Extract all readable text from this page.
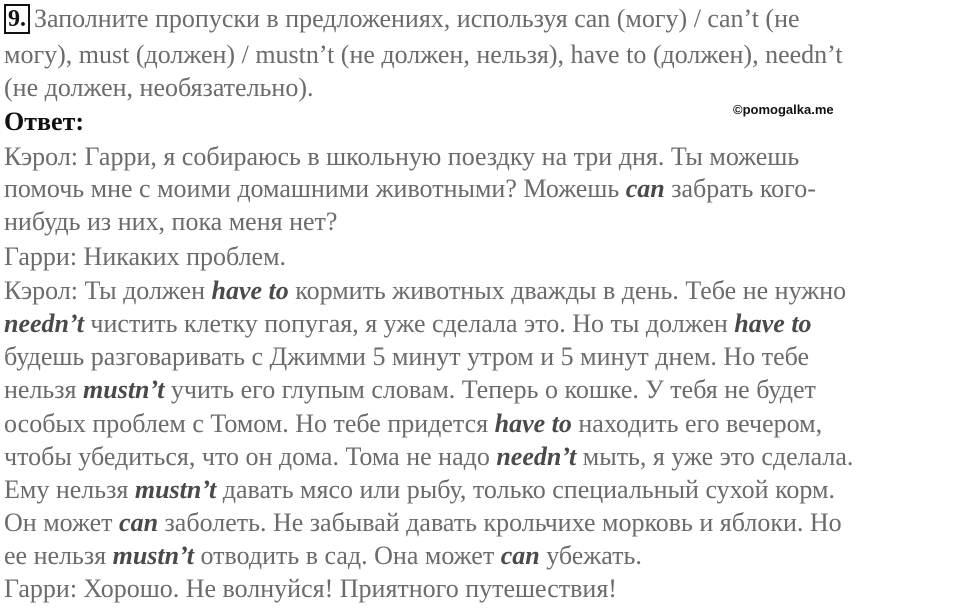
9. Заполните пропуски в предложениях, используя can (могу) / can’t (не
могу), must (должен) / mustn’t (не должен, нельзя), have to (должен), needn’t
(не должен, необязательно).
Ответ:	©pomogalka.me
Кэрол: Гарри, я собираюсь в школьную поездку на три дня. Ты можешь
помочь мне с моими домашними животными? Можешь can забрать кого-
нибудь из них, пока меня нет?
Гарри: Никаких проблем.
Кэрол: Ты должен have to кормить животных дважды в день. Тебе не нужно
needn’t чистить клетку попугая, я уже сделала это. Но ты должен have to
будешь разговаривать с Джимми 5 минут утром и 5 минут днем. Но тебе
нельзя mustn’t учить его глупым словам. Теперь о кошке. У тебя не будет
особых проблем с Томом. Но тебе придется have to находить его вечером,
чтобы убедиться, что он дома. Тома не надо needn’t мыть, я уже это сделала.
Ему нельзя mustn’t давать мясо или рыбу, только специальный сухой корм.
Он может can заболеть. Не забывай давать крольчихе морковь и яблоки. Но
ее нельзя mustn’t отводить в сад. Она может can убежать.
Гарри: Хорошо. Не волнуйся! Приятного путешествия!
